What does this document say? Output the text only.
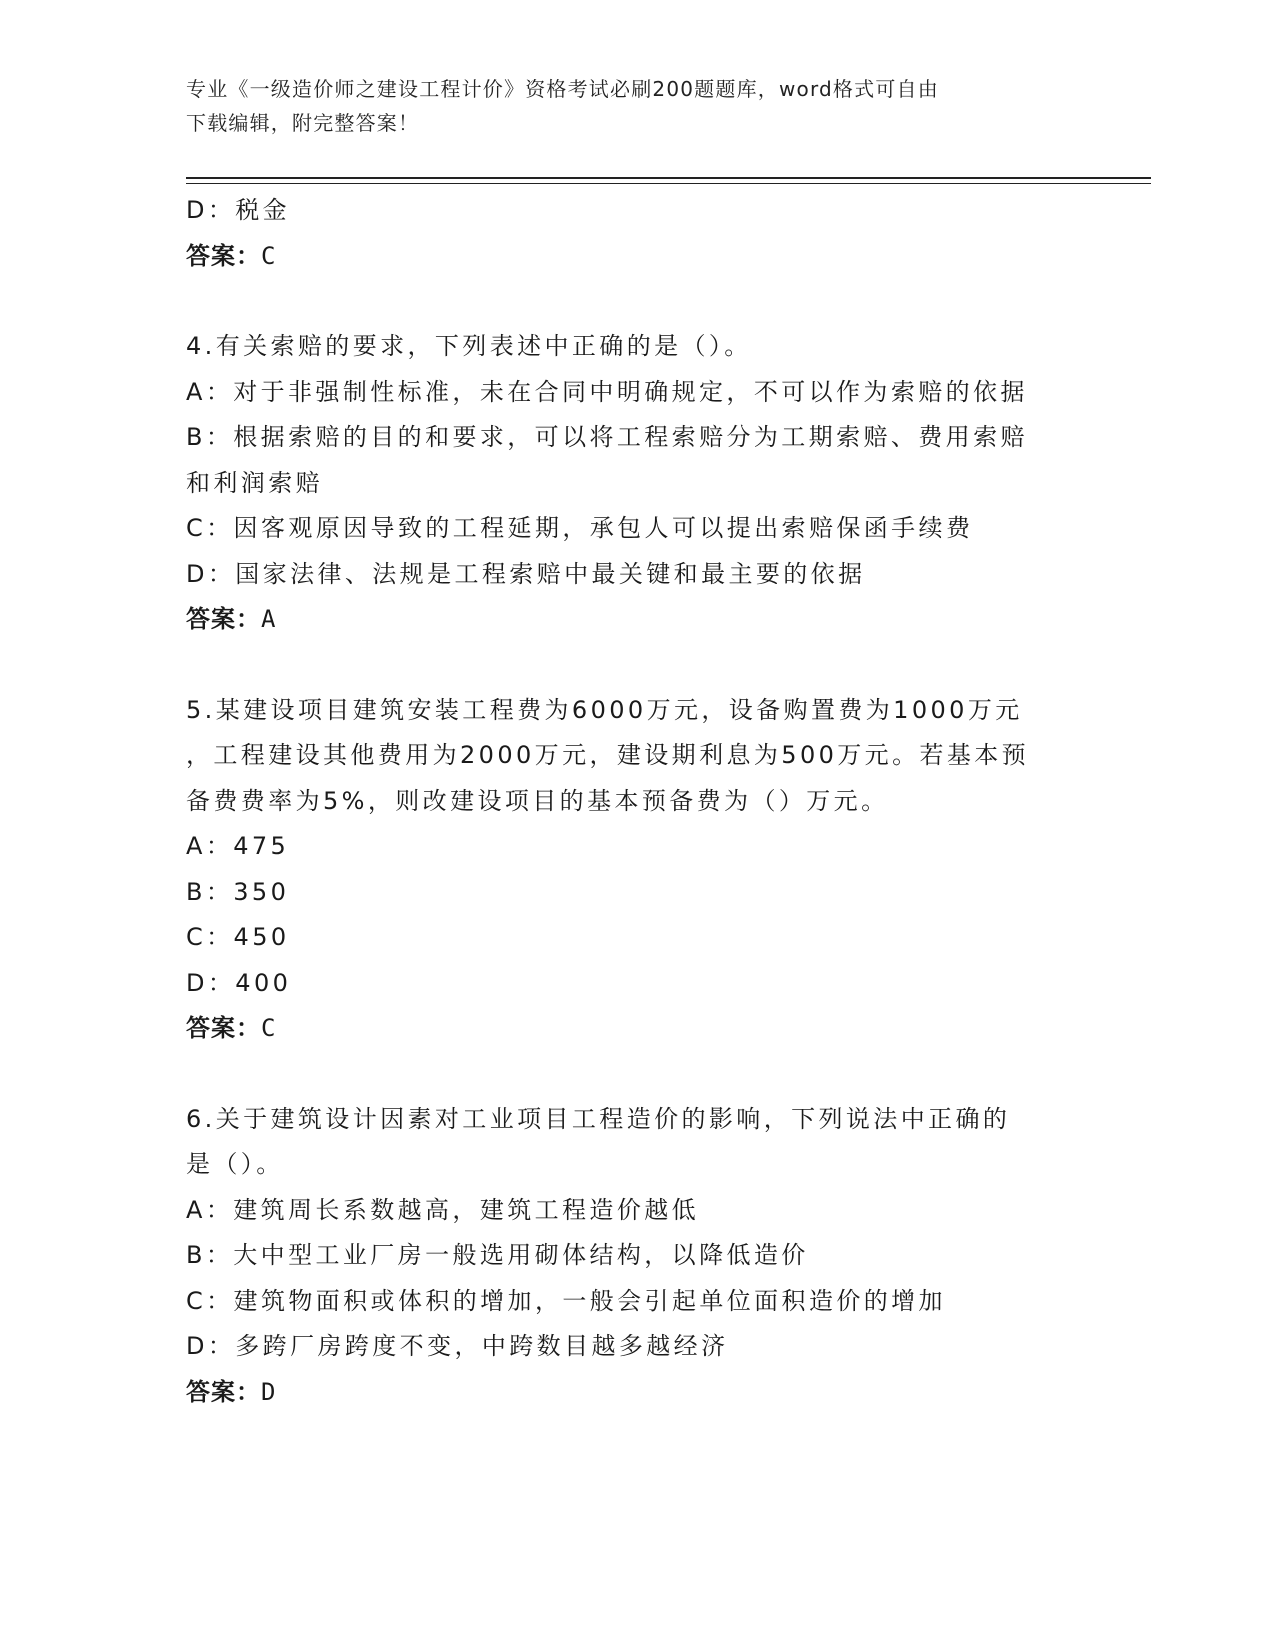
专业《一级造价师之建设工程计价》资格考试必刷200题题库，word格式可自由
下载编辑，附完整答案！
D：税金
答案：C
4.有关索赔的要求，下列表述中正确的是（）。
A：对于非强制性标准，未在合同中明确规定，不可以作为索赔的依据
B：根据索赔的目的和要求，可以将工程索赔分为工期索赔、费用索赔
和利润索赔
C：因客观原因导致的工程延期，承包人可以提出索赔保函手续费
D：国家法律、法规是工程索赔中最关键和最主要的依据
答案：A
5.某建设项目建筑安装工程费为6000万元，设备购置费为1000万元
，工程建设其他费用为2000万元，建设期利息为500万元。若基本预
备费费率为5%，则改建设项目的基本预备费为（）万元。
A：475
B：350
C：450
D：400
答案：C
6.关于建筑设计因素对工业项目工程造价的影响，下列说法中正确的
是（）。
A：建筑周长系数越高，建筑工程造价越低
B：大中型工业厂房一般选用砌体结构，以降低造价
C：建筑物面积或体积的增加，一般会引起单位面积造价的增加
D：多跨厂房跨度不变，中跨数目越多越经济
答案：D
